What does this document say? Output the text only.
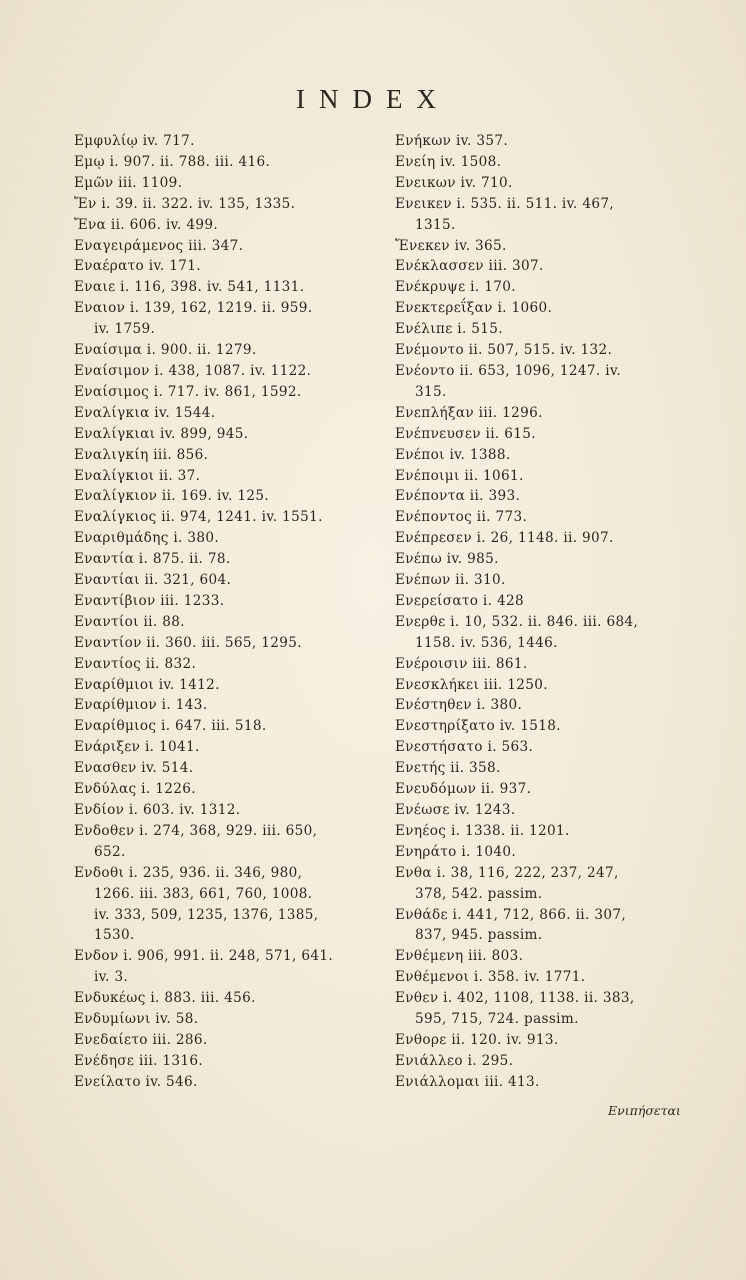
INDEX
Εμφυλίῳ iv. 717.
Εμῳ i. 907. ii. 788. iii. 416.
Εμῶν iii. 1109.
Ἔν i. 39. ii. 322. iv. 135, 1335.
Ἔνα ii. 606. iv. 499.
Εναγειράμενος iii. 347.
Εναέρατο iv. 171.
Εναιε i. 116, 398. iv. 541, 1131.
Εναιον i. 139, 162, 1219. ii. 959.

iv. 1759.
Εναίσιμα i. 900. ii. 1279.
Εναίσιμον i. 438, 1087. iv. 1122.
Εναίσιμος i. 717. iv. 861, 1592.
Εναλίγκια iv. 1544.
Εναλίγκιαι iv. 899, 945.
Εναλιγκίη iii. 856.
Εναλίγκιοι ii. 37.
Εναλίγκιον ii. 169. iv. 125.
Εναλίγκιος ii. 974, 1241. iv. 1551.
Εναριθμάδης i. 380.
Εναντία i. 875. ii. 78.
Εναντίαι ii. 321, 604.
Εναντίβιον iii. 1233.
Εναντίοι ii. 88.
Εναντίον ii. 360. iii. 565, 1295.
Εναντίος ii. 832.
Εναρίθμιοι iv. 1412.
Εναρίθμιον i. 143.
Εναρίθμιος i. 647. iii. 518.
Ενάριξεν i. 1041.
Ενασθεν iv. 514.
Ενδύλας i. 1226.
Ενδίον i. 603. iv. 1312.
Ενδοθεν i. 274, 368, 929. iii. 650,

652.
Ενδοθι i. 235, 936. ii. 346, 980,

1266. iii. 383, 661, 760, 1008.
iv. 333, 509, 1235, 1376, 1385,
1530.
Ενδον i. 906, 991. ii. 248, 571, 641.

iv. 3.
Ενδυκέως i. 883. iii. 456.
Ενδυμίωνι iv. 58.
Ενεδαίετο iii. 286.
Ενέδησε iii. 1316.
Ενείλατο iv. 546.
Ενήκων iv. 357.
Ενείη iv. 1508.
Ενεικων iv. 710.
Ενεικεν i. 535. ii. 511. iv. 467,

1315.
Ἔνεκεν iv. 365.
Ενέκλασσεν iii. 307.
Ενέκρυψε i. 170.
Ενεκτερεΐξαν i. 1060.
Ενέλιπε i. 515.
Ενέμοντο ii. 507, 515. iv. 132.
Ενέοντο ii. 653, 1096, 1247. iv.

315.
Ενεπλήξαν iii. 1296.
Ενέπνευσεν ii. 615.
Ενέποι iv. 1388.
Ενέποιμι ii. 1061.
Ενέποντα ii. 393.
Ενέποντος ii. 773.
Ενέπρεσεν i. 26, 1148. ii. 907.
Ενέπω iv. 985.
Ενέπων ii. 310.
Ενερείσατο i. 428
Ενερθε i. 10, 532. ii. 846. iii. 684,

1158. iv. 536, 1446.
Ενέροισιν iii. 861.
Ενεσκλήκει iii. 1250.
Ενέστηθεν i. 380.
Ενεστηρίξατο iv. 1518.
Ενεστήσατο i. 563.
Ενετής ii. 358.
Ενευδόμων ii. 937.
Ενέωσε iv. 1243.
Ενηέος i. 1338. ii. 1201.
Ενηράτο i. 1040.
Ενθα i. 38, 116, 222, 237, 247,

378, 542. passim.
Ενθάδε i. 441, 712, 866. ii. 307,

837, 945. passim.
Ενθέμενη iii. 803.
Ενθέμενοι i. 358. iv. 1771.
Ενθεν i. 402, 1108, 1138. ii. 383,

595, 715, 724. passim.
Ενθορε ii. 120. iv. 913.
Ενιάλλεο i. 295.
Ενιάλλομαι iii. 413.
Ενιπήσεται
